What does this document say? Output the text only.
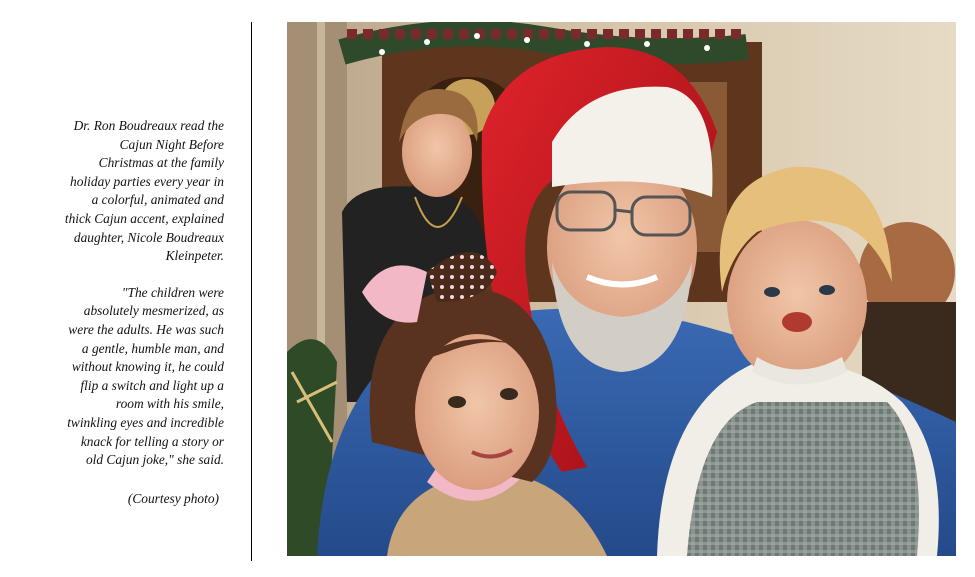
Dr. Ron Boudreaux read the
Cajun Night Before
Christmas at the family
holiday parties every year in
a colorful, animated and
thick Cajun accent, explained
daughter, Nicole Boudreaux
Kleinpeter.

"The children were
absolutely mesmerized, as
were the adults. He was such
a gentle, humble man, and
without knowing it, he could
flip a switch and light up a
room with his smile,
twinkling eyes and incredible
knack for telling a story or
old Cajun joke," she said.

(Courtesy photo)
